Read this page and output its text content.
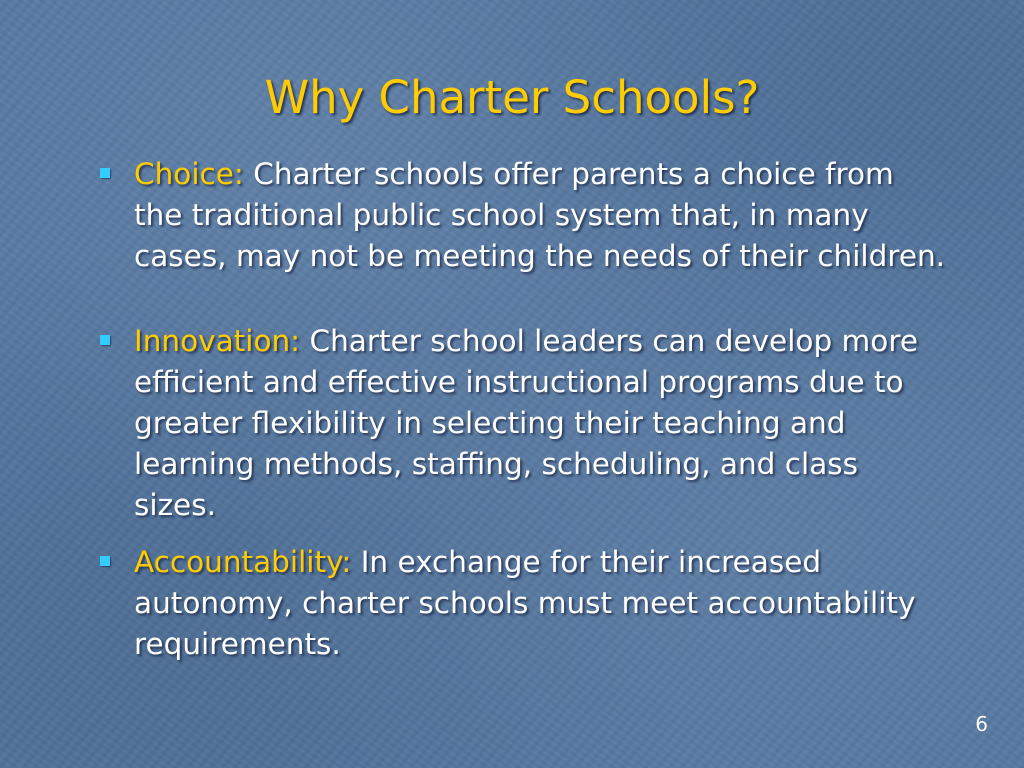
Why Charter Schools?
Choice: Charter schools offer parents a choice from the traditional public school system that, in many cases, may not be meeting the needs of their children.
Innovation: Charter school leaders can develop more efficient and effective instructional programs due to greater flexibility in selecting their teaching and learning methods, staffing, scheduling, and class sizes.
Accountability: In exchange for their increased autonomy, charter schools must meet accountability requirements.
6
